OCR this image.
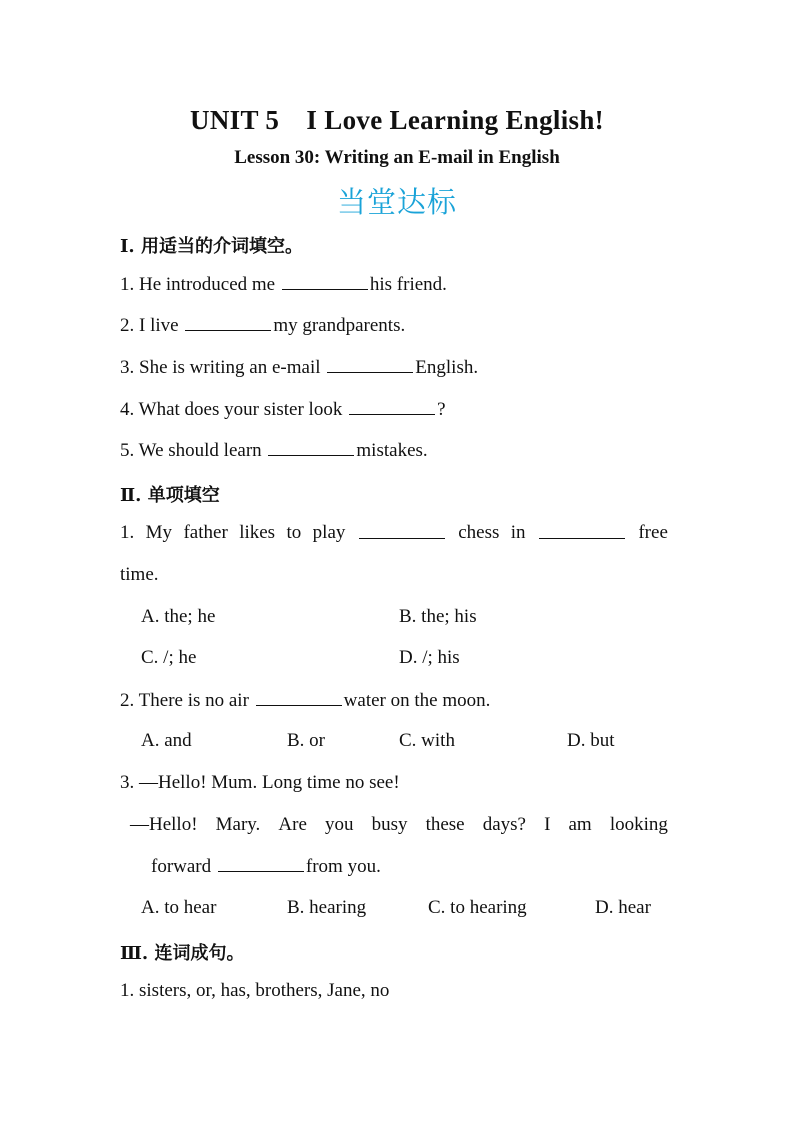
UNIT 5　I Love Learning English!
Lesson 30: Writing an E-mail in English
当堂达标
Ⅰ. 用适当的介词填空。
1. He introduced me	his friend.
2. I live	my grandparents.
3. She is writing an e-mail	English.
4. What does your sister look	?
5. We should learn	mistakes.
Ⅱ. 单项填空
1. My father likes to play	chess in	free
time.
A. the; he	B. the; his
C. /; he	D. /; his
2. There is no air	water on the moon.
A. and	B. or	C. with	D. but
3. —Hello! Mum. Long time no see!
—Hello! Mary. Are you busy these days? I am looking
forward	from you.
A. to hear	B. hearing	C. to hearing	D. hear
Ⅲ. 连词成句。
1. sisters, or, has, brothers, Jane, no
